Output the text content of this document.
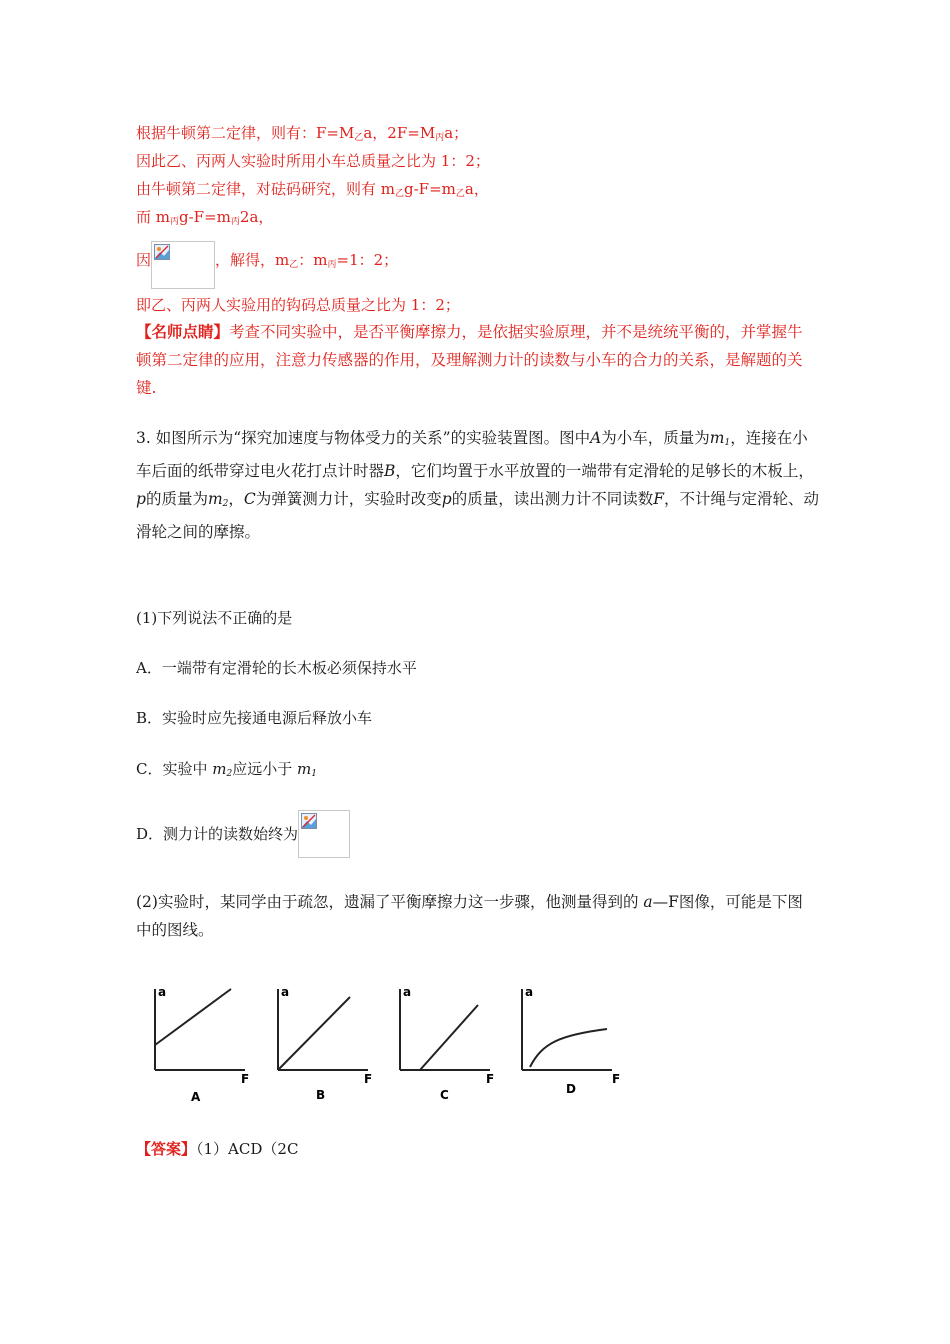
根据牛顿第二定律，则有：$F=M_乙a$，$2F=M_丙a$；
因此乙、丙两人实验时所用小车总质量之比为 1：2；
由牛顿第二定律，对砝码研究，则有 $m_乙g-F=m_乙a$，
而 $m_丙g-F=m_丙2a$，
因	，解得，$m_乙$：$m_丙=1$：2；
即乙、丙两人实验用的钩码总质量之比为 1：2；
【名师点睛】考查不同实验中，是否平衡摩擦力，是依据实验原理，并不是统统平衡的，并掌握牛顿第二定律的应用，注意力传感器的作用，及理解测力计的读数与小车的合力的关系，是解题的关键.
3. 如图所示为“探究加速度与物体受力的关系”的实验装置图。图中A为小车，质量为$m_1$，连接在小车后面的纸带穿过电火花打点计时器B，它们均置于水平放置的一端带有定滑轮的足够长的木板上，p的质量为$m_2$，C为弹簧测力计，实验时改变p的质量，读出测力计不同读数F，不计绳与定滑轮、动滑轮之间的摩擦。
(1)下列说法不正确的是
A．一端带有定滑轮的长木板必须保持水平
B．实验时应先接通电源后释放小车
C．实验中 $m_2$应远小于 $m_1$
D．测力计的读数始终为
(2)实验时，某同学由于疏忽，遗漏了平衡摩擦力这一步骤，他测量得到的 a—F图像，可能是下图中的图线。
a
F
A
a
F
B
a
F
C
a
F
D
【答案】（1）ACD（2C
